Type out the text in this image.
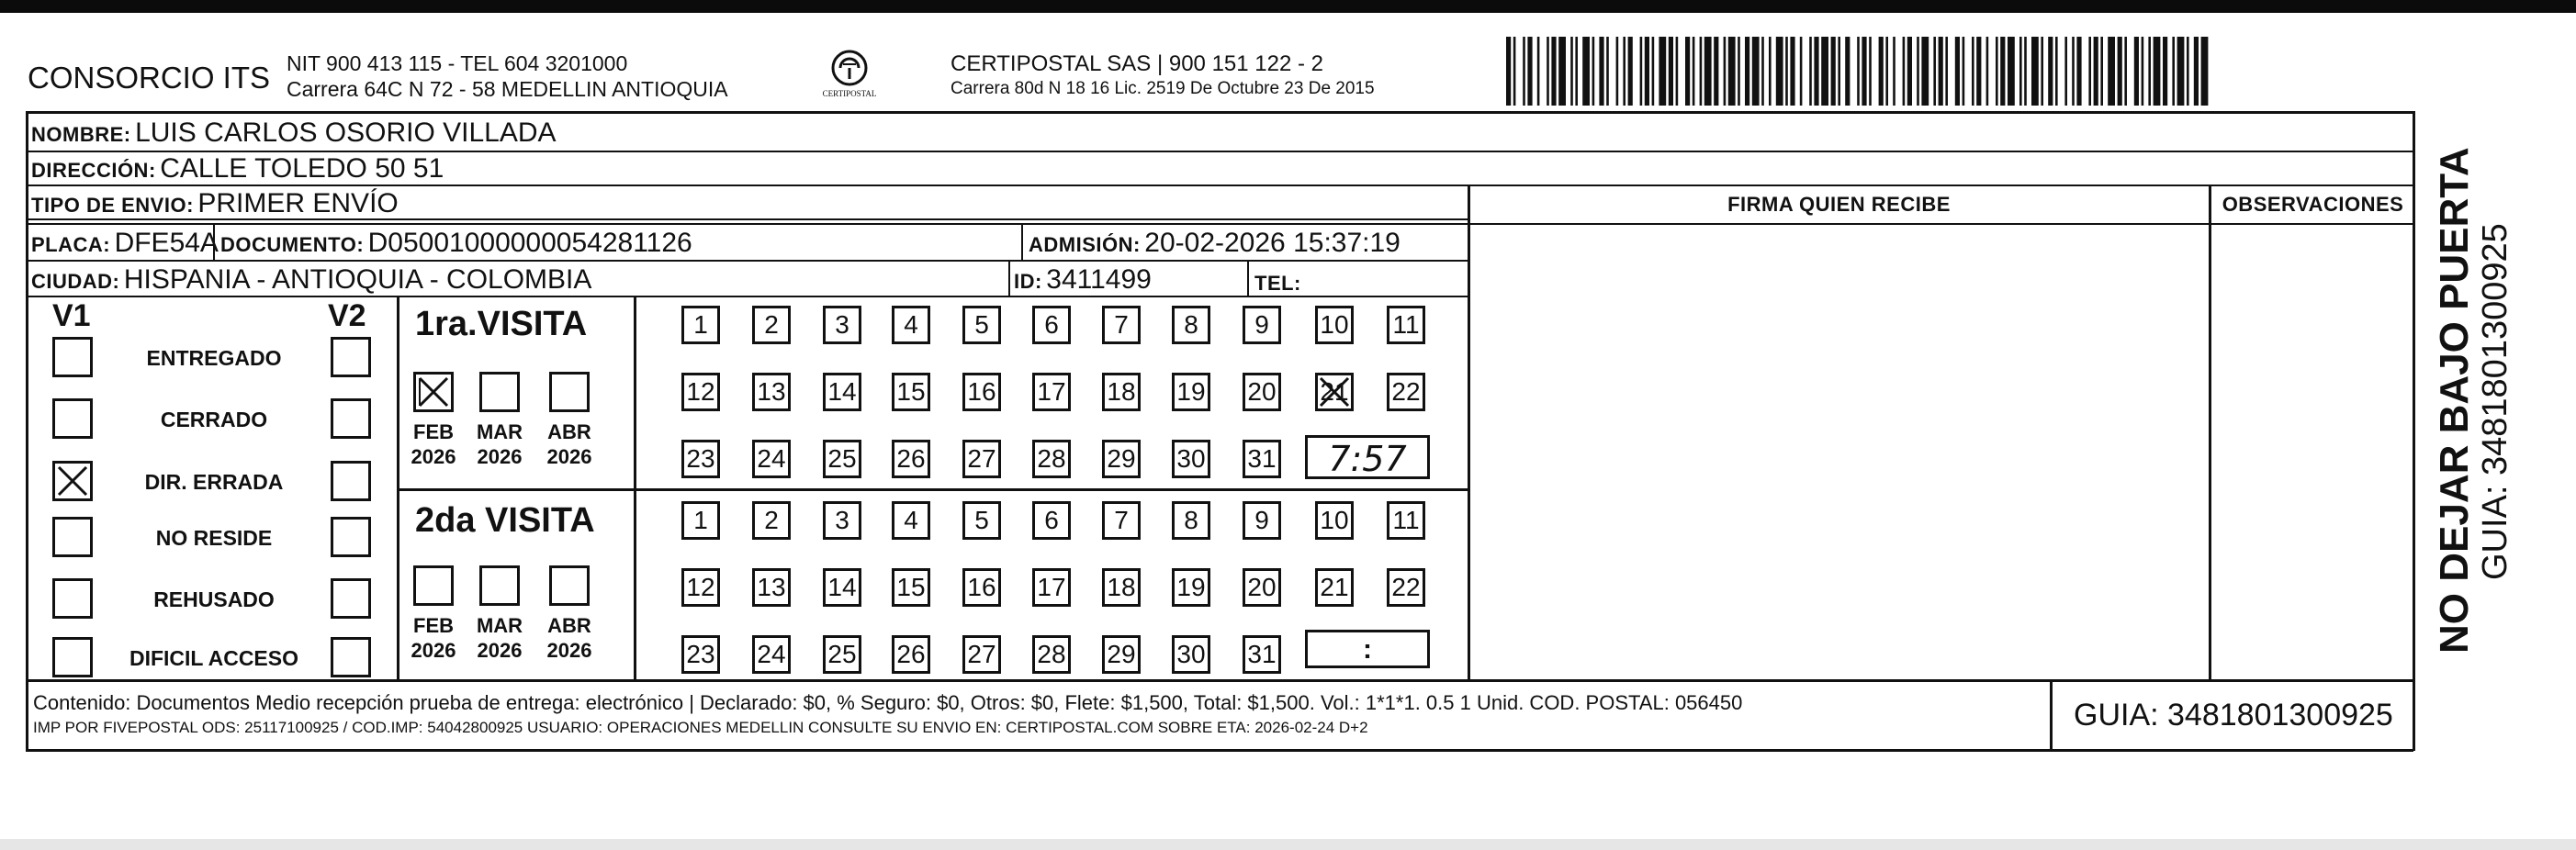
CONSORCIO ITS NIT 900 413 115 - TEL 604 3201000
Carrera 64C N 72 - 58 MEDELLIN ANTIOQUIA	CERTIPOSTAL
CERTIPOSTAL SAS | 900 151 122 - 2
Carrera 80d N 18 16 Lic. 2519 De Octubre 23 De 2015
NOMBRE: LUIS CARLOS OSORIO VILLADA
DIRECCIÓN: CALLE TOLEDO 50 51
TIPO DE ENVIO: PRIMER ENVÍO
PLACA: DFE54A DOCUMENTO: D05001000000054281126	ADMISIÓN: 20-02-2026 15:37:19
CIUDAD: HISPANIA - ANTIOQUIA - COLOMBIA	ID: 3411499	TEL:
FIRMA QUIEN RECIBE	OBSERVACIONES
V1	V2
ENTREGADO
CERRADO
DIR. ERRADA
NO RESIDE
REHUSADO
DIFICIL ACCESO
1ra.VISITA
2da VISITA
FEB
2026
MAR
2026
ABR
2026
FEB
2026
MAR
2026
ABR
2026
1	2	3	4	5	6	7	8	9	10 11
12 13 14 15 16 17 18 19 20 21 22
23 24 25 26 27 28 29 30 31
1	2	3	4	5	6	7	8	9	10 11
12 13 14 15 16 17 18 19 20 21 22
23 24 25 26 27 28 29 30 31
7:57
:
Contenido: Documentos Medio recepción prueba de entrega: electrónico | Declarado: $0, % Seguro: $0, Otros: $0, Flete: $1,500, Total: $1,500. Vol.: 1*1*1. 0.5 1 Unid. COD. POSTAL: 056450
IMP POR FIVEPOSTAL ODS: 25117100925 / COD.IMP: 54042800925 USUARIO: OPERACIONES MEDELLIN CONSULTE SU ENVIO EN: CERTIPOSTAL.COM SOBRE ETA: 2026-02-24 D+2	GUIA: 3481801300925
NO DEJAR BAJO PUERTA GUIA: 3481801300925
